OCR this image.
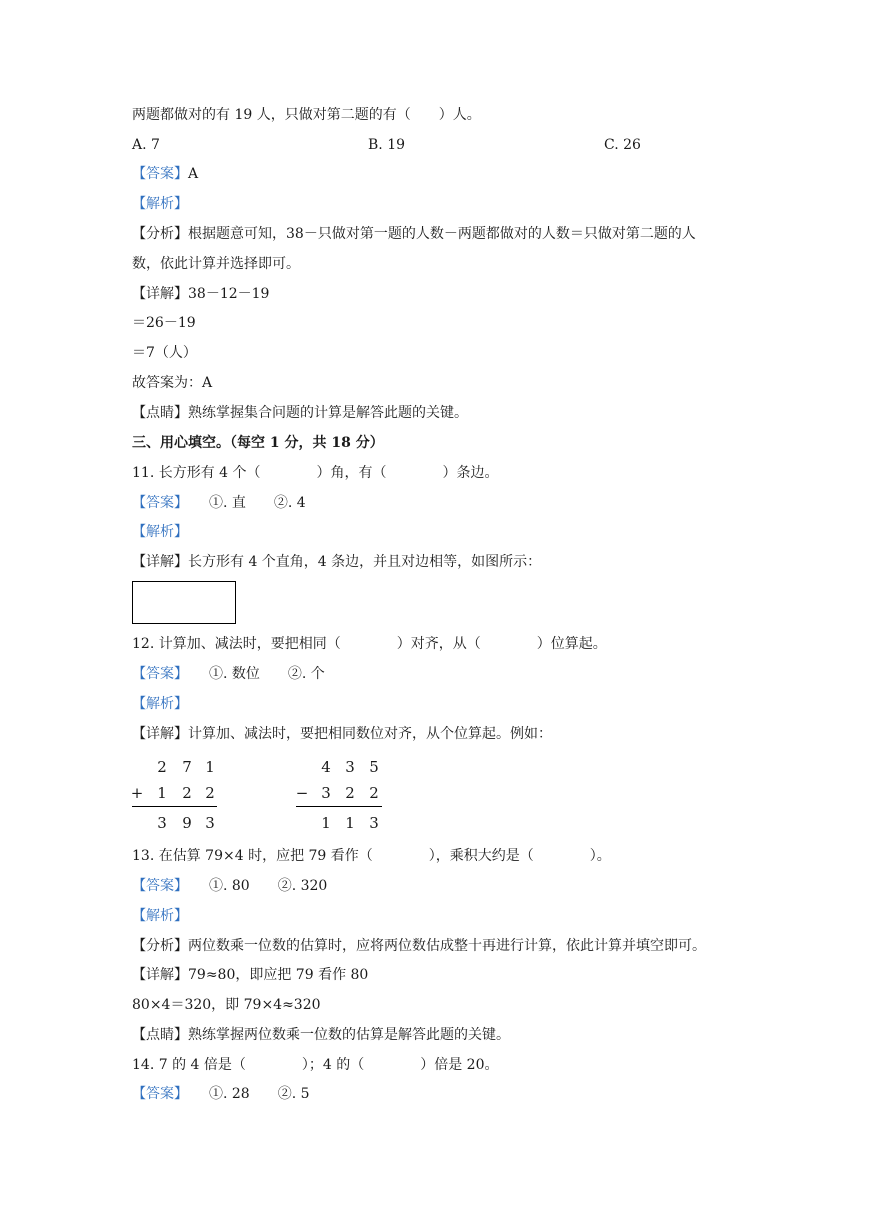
两题都做对的有 19 人，只做对第二题的有（　　）人。
A. 7	B. 19	C. 26
【答案】A
【解析】
【分析】根据题意可知，38－只做对第一题的人数－两题都做对的人数＝只做对第二题的人
数，依此计算并选择即可。
【详解】38－12－19
＝26－19
＝7（人）
故答案为：A
【点睛】熟练掌握集合问题的计算是解答此题的关键。
三、用心填空。（每空 1 分，共 18 分）
11. 长方形有 4 个（　　　　）角，有（　　　　）条边。
【答案】　　①. 直　　②. 4
【解析】
【详解】长方形有 4 个直角，4 条边，并且对边相等，如图所示：
12. 计算加、减法时，要把相同（　　　　）对齐，从（　　　　）位算起。
【答案】　　①. 数位　　②. 个
【解析】
【详解】计算加、减法时，要把相同数位对齐，从个位算起。例如：
2 7 1
+ 1 2 2
3 9 3
4 3 5
− 3 2 2
1 1 3
13. 在估算 79×4 时，应把 79 看作（　　　　），乘积大约是（　　　　）。
【答案】　　①. 80　　②. 320
【解析】
【分析】两位数乘一位数的估算时，应将两位数估成整十再进行计算，依此计算并填空即可。
【详解】79≈80，即应把 79 看作 80
80×4＝320，即 79×4≈320
【点睛】熟练掌握两位数乘一位数的估算是解答此题的关键。
14. 7 的 4 倍是（　　　　）；4 的（　　　　）倍是 20。
【答案】　　①. 28　　②. 5
